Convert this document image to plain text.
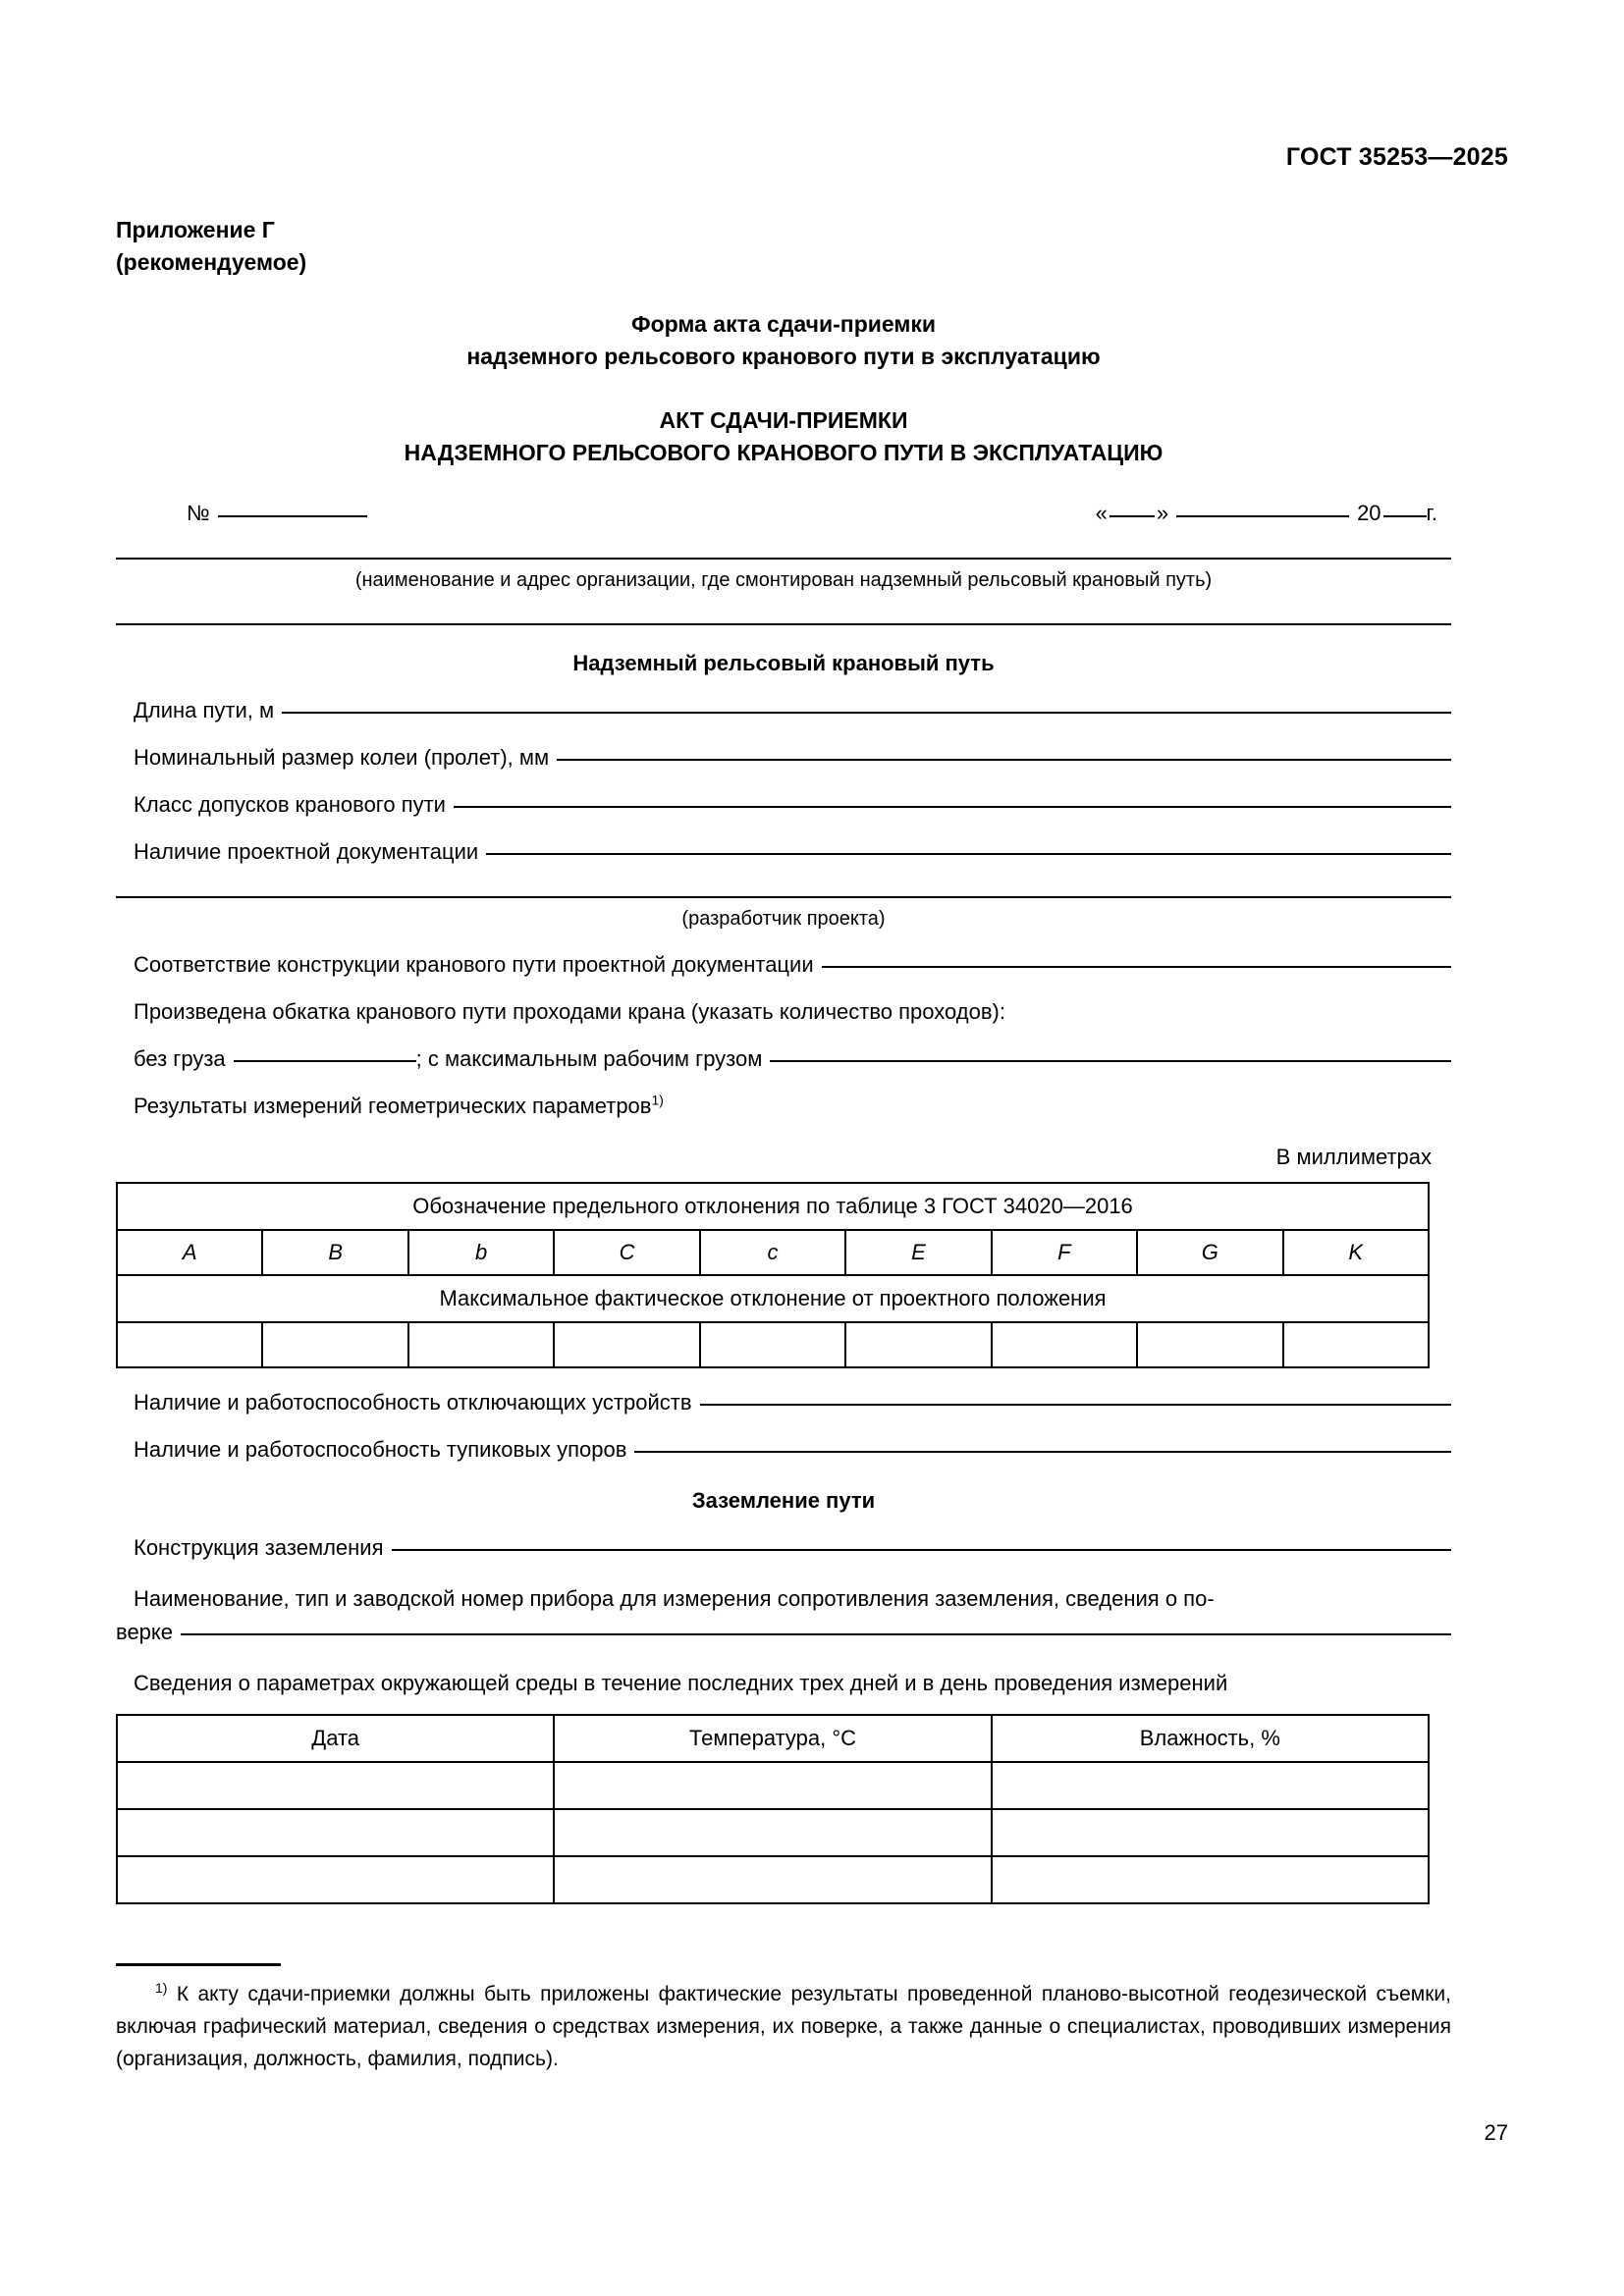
ГОСТ 35253—2025
Приложение Г
(рекомендуемое)
Форма акта сдачи-приемки
надземного рельсового кранового пути в эксплуатацию
АКТ СДАЧИ-ПРИЕМКИ
НАДЗЕМНОГО РЕЛЬСОВОГО КРАНОВОГО ПУТИ В ЭКСПЛУАТАЦИЮ
№	« »	20 г.
(наименование и адрес организации, где смонтирован надземный рельсовый крановый путь)
Надземный рельсовый крановый путь
Длина пути, м
Номинальный размер колеи (пролет), мм
Класс допусков кранового пути
Наличие проектной документации
(разработчик проекта)
Соответствие конструкции кранового пути проектной документации
Произведена обкатка кранового пути проходами крана (указать количество проходов):
без груза	; с максимальным рабочим грузом
Результаты измерений геометрических параметров$^{1)}$
В миллиметрах
Обозначение предельного отклонения по таблице 3 ГОСТ 34020—2016								
A	B	b	C	c	E	F	G	K
Максимальное фактическое отклонение от проектного положения								

Наличие и работоспособность отключающих устройств
Наличие и работоспособность тупиковых упоров
Заземление пути
Конструкция заземления
Наименование, тип и заводской номер прибора для измерения сопротивления заземления, сведения о по-
верке
Сведения о параметрах окружающей среды в течение последних трех дней и в день проведения измерений
Дата	Температура, °C	Влажность, %

$^{1)}$ К акту сдачи-приемки должны быть приложены фактические результаты проведенной планово-высотной геодезической съемки, включая графический материал, сведения о средствах измерения, их поверке, а также данные о специалистах, проводивших измерения (организация, должность, фамилия, подпись).
27
